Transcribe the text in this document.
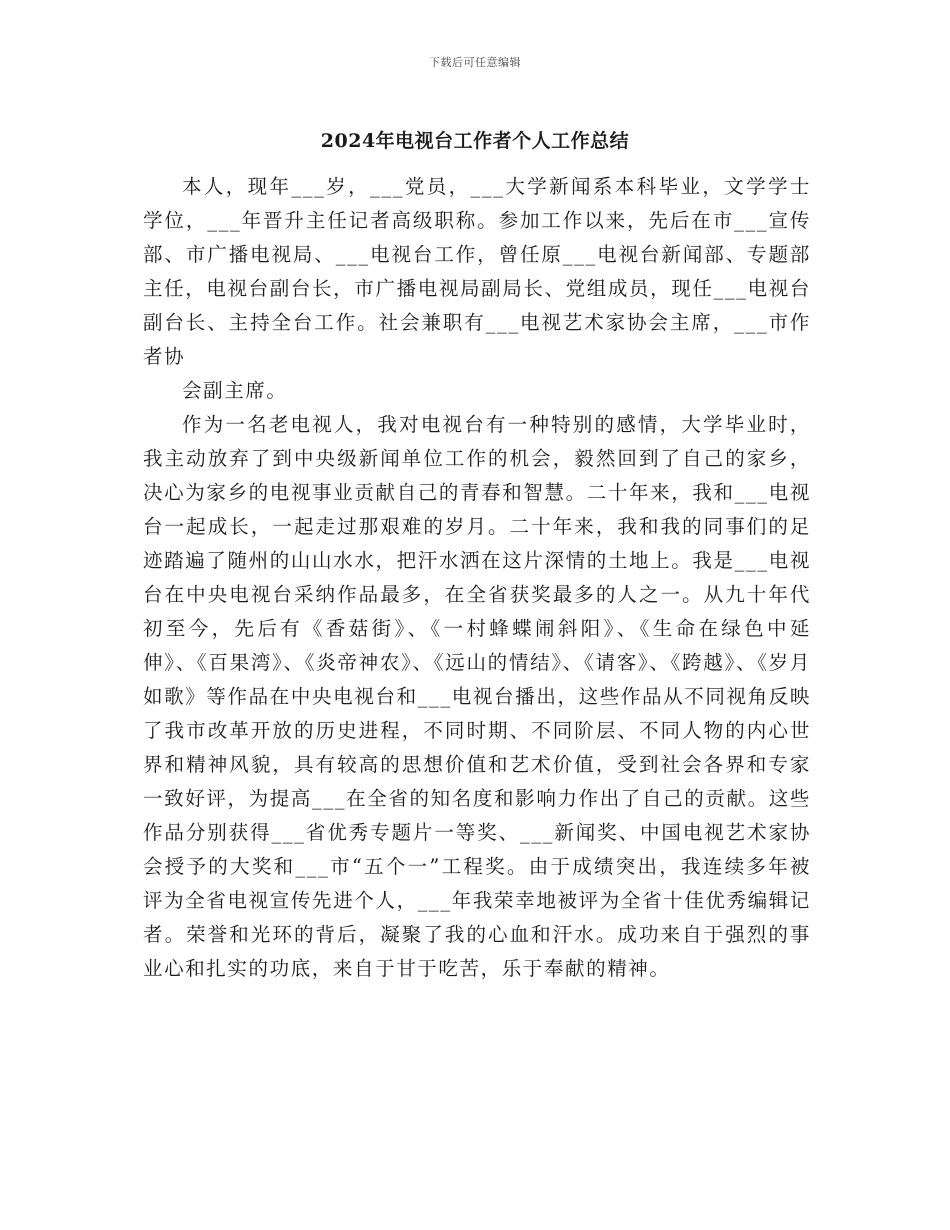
下载后可任意编辑
2024年电视台工作者个人工作总结

本人，现年___岁，___党员，___大学新闻系本科毕业，文学学士学位，___年晋升主任记者高级职称。参加工作以来，先后在市___宣传部、市广播电视局、___电视台工作，曾任原___电视台新闻部、专题部主任，电视台副台长，市广播电视局副局长、党组成员，现任___电视台副台长、主持全台工作。社会兼职有___电视艺术家协会主席，___市作者协

会副主席。

作为一名老电视人，我对电视台有一种特别的感情，大学毕业时，我主动放弃了到中央级新闻单位工作的机会，毅然回到了自己的家乡，决心为家乡的电视事业贡献自己的青春和智慧。二十年来，我和___电视台一起成长，一起走过那艰难的岁月。二十年来，我和我的同事们的足迹踏遍了随州的山山水水，把汗水洒在这片深情的土地上。我是___电视台在中央电视台采纳作品最多，在全省获奖最多的人之一。从九十年代初至今，先后有《香菇街》、《一村蜂蝶闹斜阳》、《生命在绿色中延伸》、《百果湾》、《炎帝神农》、《远山的情结》、《请客》、《跨越》、《岁月如歌》等作品在中央电视台和___电视台播出，这些作品从不同视角反映了我市改革开放的历史进程，不同时期、不同阶层、不同人物的内心世界和精神风貌，具有较高的思想价值和艺术价值，受到社会各界和专家一致好评，为提高___在全省的知名度和影响力作出了自己的贡献。这些作品分别获得___省优秀专题片一等奖、___新闻奖、中国电视艺术家协会授予的大奖和___市“五个一”工程奖。由于成绩突出，我连续多年被评为全省电视宣传先进个人，___年我荣幸地被评为全省十佳优秀编辑记者。荣誉和光环的背后，凝聚了我的心血和汗水。成功来自于强烈的事业心和扎实的功底，来自于甘于吃苦，乐于奉献的精神。
